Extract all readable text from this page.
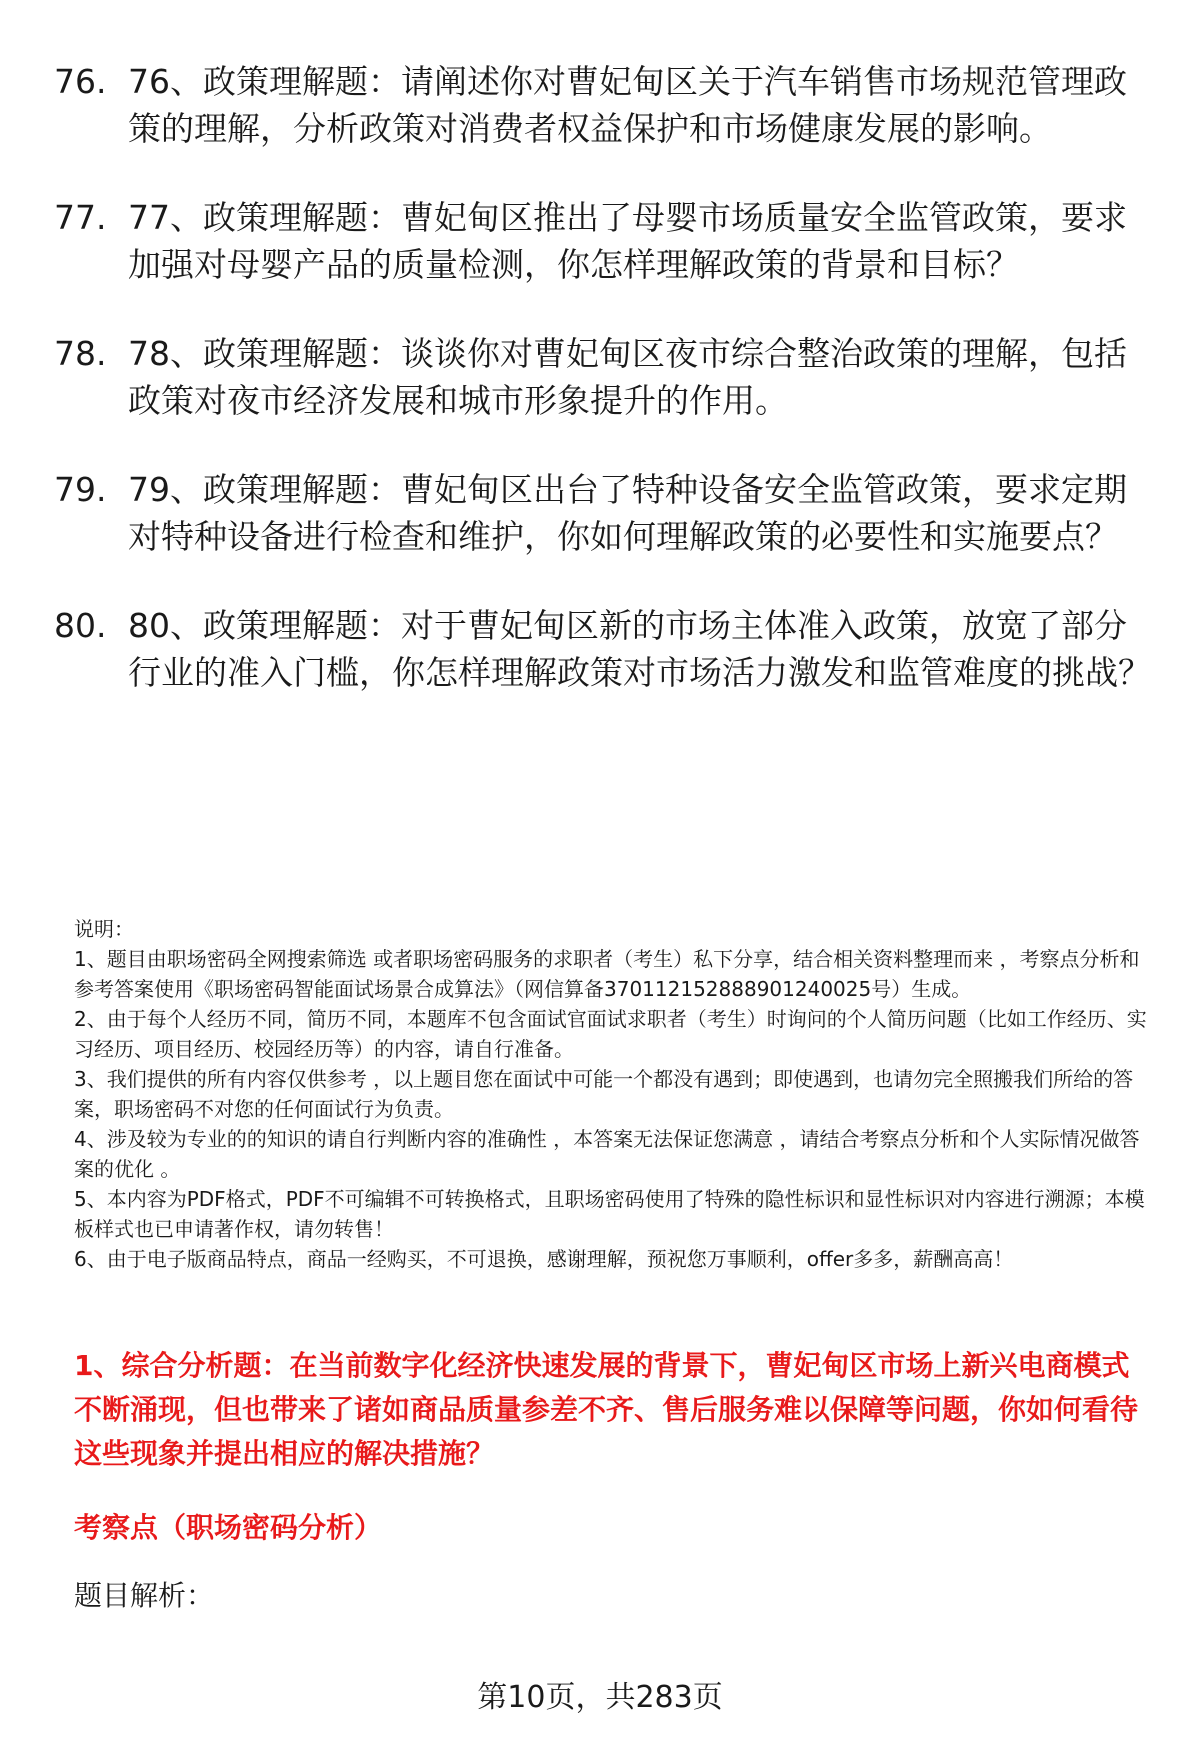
76. 76、政策理解题：请阐述你对曹妃甸区关于汽车销售市场规范管理政策的理解，分析政策对消费者权益保护和市场健康发展的影响。
77. 77、政策理解题：曹妃甸区推出了母婴市场质量安全监管政策，要求加强对母婴产品的质量检测，你怎样理解政策的背景和目标？
78. 78、政策理解题：谈谈你对曹妃甸区夜市综合整治政策的理解，包括政策对夜市经济发展和城市形象提升的作用。
79. 79、政策理解题：曹妃甸区出台了特种设备安全监管政策，要求定期对特种设备进行检查和维护，你如何理解政策的必要性和实施要点？
80. 80、政策理解题：对于曹妃甸区新的市场主体准入政策，放宽了部分行业的准入门槛，你怎样理解政策对市场活力激发和监管难度的挑战？

说明：

1、题目由职场密码全网搜索筛选 或者职场密码服务的求职者（考生）私下分享，结合相关资料整理而来 ，考察点分析和参考答案使用《职场密码智能面试场景合成算法》（网信算备370112152888901240025号）生成。

2、由于每个人经历不同，简历不同，本题库不包含面试官面试求职者（考生）时询问的个人简历问题（比如工作经历、实习经历、项目经历、校园经历等）的内容，请自行准备。

3、我们提供的所有内容仅供参考 ，以上题目您在面试中可能一个都没有遇到；即使遇到，也请勿完全照搬我们所给的答案，职场密码不对您的任何面试行为负责。

4、涉及较为专业的的知识的请自行判断内容的准确性 ，本答案无法保证您满意 ，请结合考察点分析和个人实际情况做答案的优化 。

5、本内容为PDF格式，PDF不可编辑不可转换格式，且职场密码使用了特殊的隐性标识和显性标识对内容进行溯源；本模板样式也已申请著作权，请勿转售！

6、由于电子版商品特点，商品一经购买，不可退换，感谢理解，预祝您万事顺利，offer多多，薪酬高高！

1、综合分析题：在当前数字化经济快速发展的背景下，曹妃甸区市场上新兴电商模式不断涌现，但也带来了诸如商品质量参差不齐、售后服务难以保障等问题，你如何看待这些现象并提出相应的解决措施？

考察点（职场密码分析）

题目解析：
第10页，共283页
